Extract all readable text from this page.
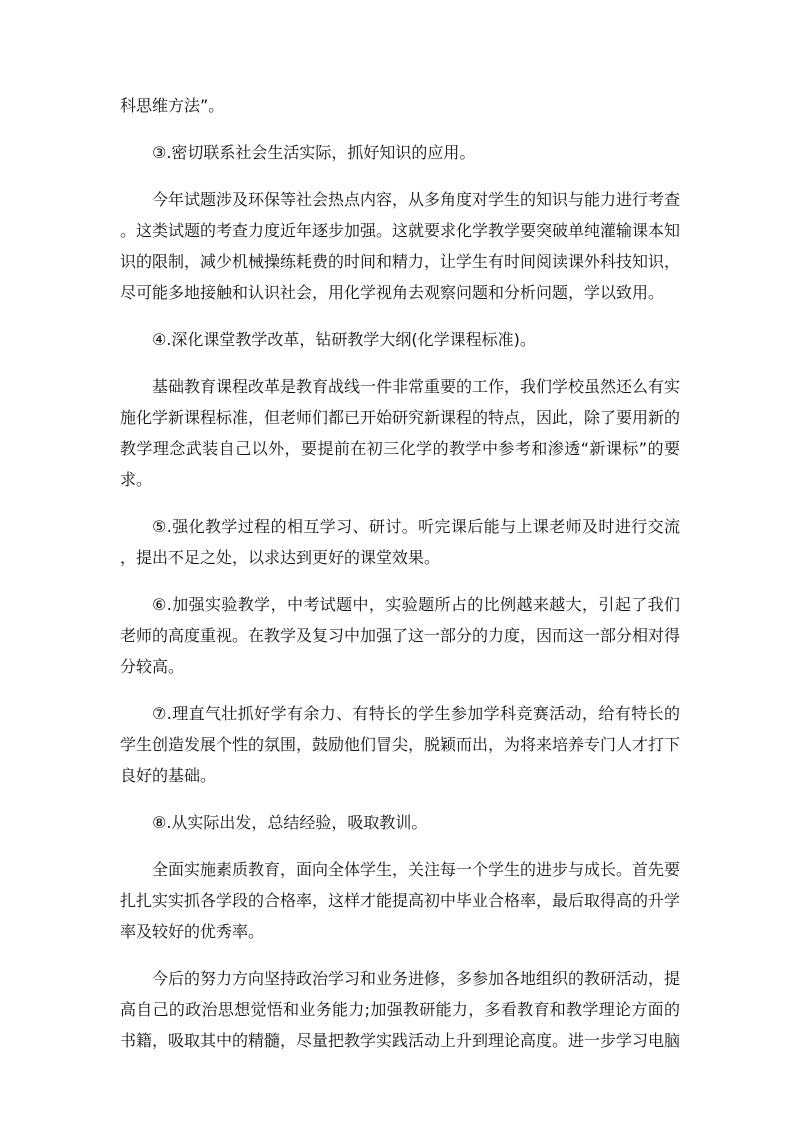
科思维方法”。

③.密切联系社会生活实际，抓好知识的应用。

今年试题涉及环保等社会热点内容，从多角度对学生的知识与能力进行考查。这类试题的考查力度近年逐步加强。这就要求化学教学要突破单纯灌输课本知识的限制，减少机械操练耗费的时间和精力，让学生有时间阅读课外科技知识，尽可能多地接触和认识社会，用化学视角去观察问题和分析问题，学以致用。

④.深化课堂教学改革，钻研教学大纲(化学课程标准)。

基础教育课程改革是教育战线一件非常重要的工作，我们学校虽然还么有实施化学新课程标准，但老师们都已开始研究新课程的特点，因此，除了要用新的教学理念武装自己以外，要提前在初三化学的教学中参考和渗透“新课标”的要求。

⑤.强化教学过程的相互学习、研讨。听完课后能与上课老师及时进行交流，提出不足之处，以求达到更好的课堂效果。

⑥.加强实验教学，中考试题中，实验题所占的比例越来越大，引起了我们老师的高度重视。在教学及复习中加强了这一部分的力度，因而这一部分相对得分较高。

⑦.理直气壮抓好学有余力、有特长的学生参加学科竞赛活动，给有特长的学生创造发展个性的氛围，鼓励他们冒尖，脱颖而出，为将来培养专门人才打下良好的基础。

⑧.从实际出发，总结经验，吸取教训。

全面实施素质教育，面向全体学生，关注每一个学生的进步与成长。首先要扎扎实实抓各学段的合格率，这样才能提高初中毕业合格率，最后取得高的升学率及较好的优秀率。

今后的努力方向坚持政治学习和业务进修，多参加各地组织的教研活动，提高自己的政治思想觉悟和业务能力;加强教研能力，多看教育和教学理论方面的书籍，吸取其中的精髓，尽量把教学实践活动上升到理论高度。进一步学习电脑
